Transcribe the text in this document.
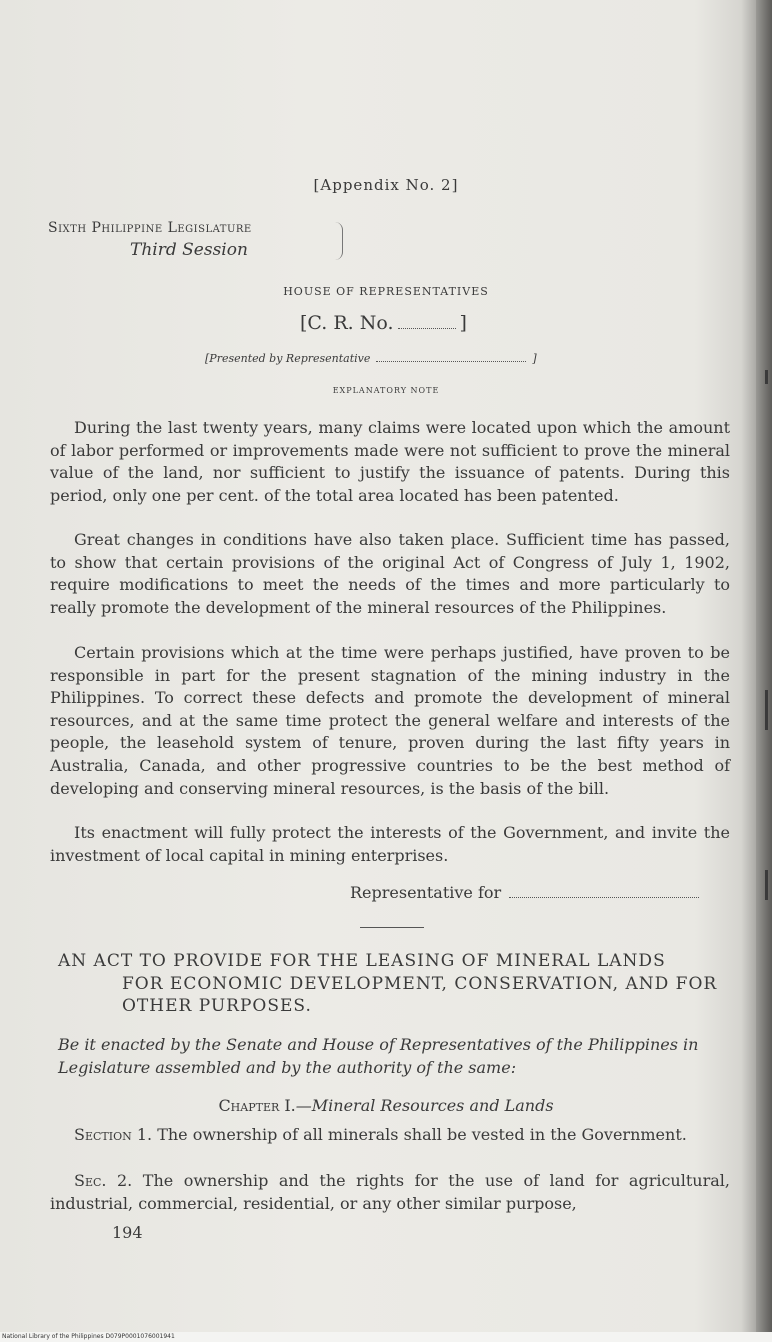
[Appendix No. 2]
Sixth Philippine Legislature
Third Session
HOUSE OF REPRESENTATIVES
[C. R. No.	]
[Presented by Representative	]
EXPLANATORY NOTE
During the last twenty years, many claims were located upon which the amount of labor performed or improvements made were not sufficient to prove the mineral value of the land, nor sufficient to justify the issuance of patents. During this period, only one per cent. of the total area located has been patented.
Great changes in conditions have also taken place. Sufficient time has passed, to show that certain provisions of the original Act of Congress of July 1, 1902, require modifications to meet the needs of the times and more particularly to really promote the development of the mineral resources of the Philippines.
Certain provisions which at the time were perhaps justified, have proven to be responsible in part for the present stagnation of the mining industry in the Philippines. To correct these defects and promote the development of mineral resources, and at the same time protect the general welfare and interests of the people, the leasehold system of tenure, proven during the last fifty years in Australia, Canada, and other progressive countries to be the best method of developing and conserving mineral resources, is the basis of the bill.
Its enactment will fully protect the interests of the Government, and invite the investment of local capital in mining enterprises.
Representative for
AN ACT TO PROVIDE FOR THE LEASING OF MINERAL LANDS
FOR ECONOMIC DEVELOPMENT, CONSERVATION, AND FOR OTHER PURPOSES.
Be it enacted by the Senate and House of Representatives of the Philippines in Legislature assembled and by the authority of the same:
Chapter I.—Mineral Resources and Lands
Section 1. The ownership of all minerals shall be vested in the Government.
Sec. 2. The ownership and the rights for the use of land for agricultural, industrial, commercial, residential, or any other similar purpose,
194
National Library of the Philippines D079P0001076001941
